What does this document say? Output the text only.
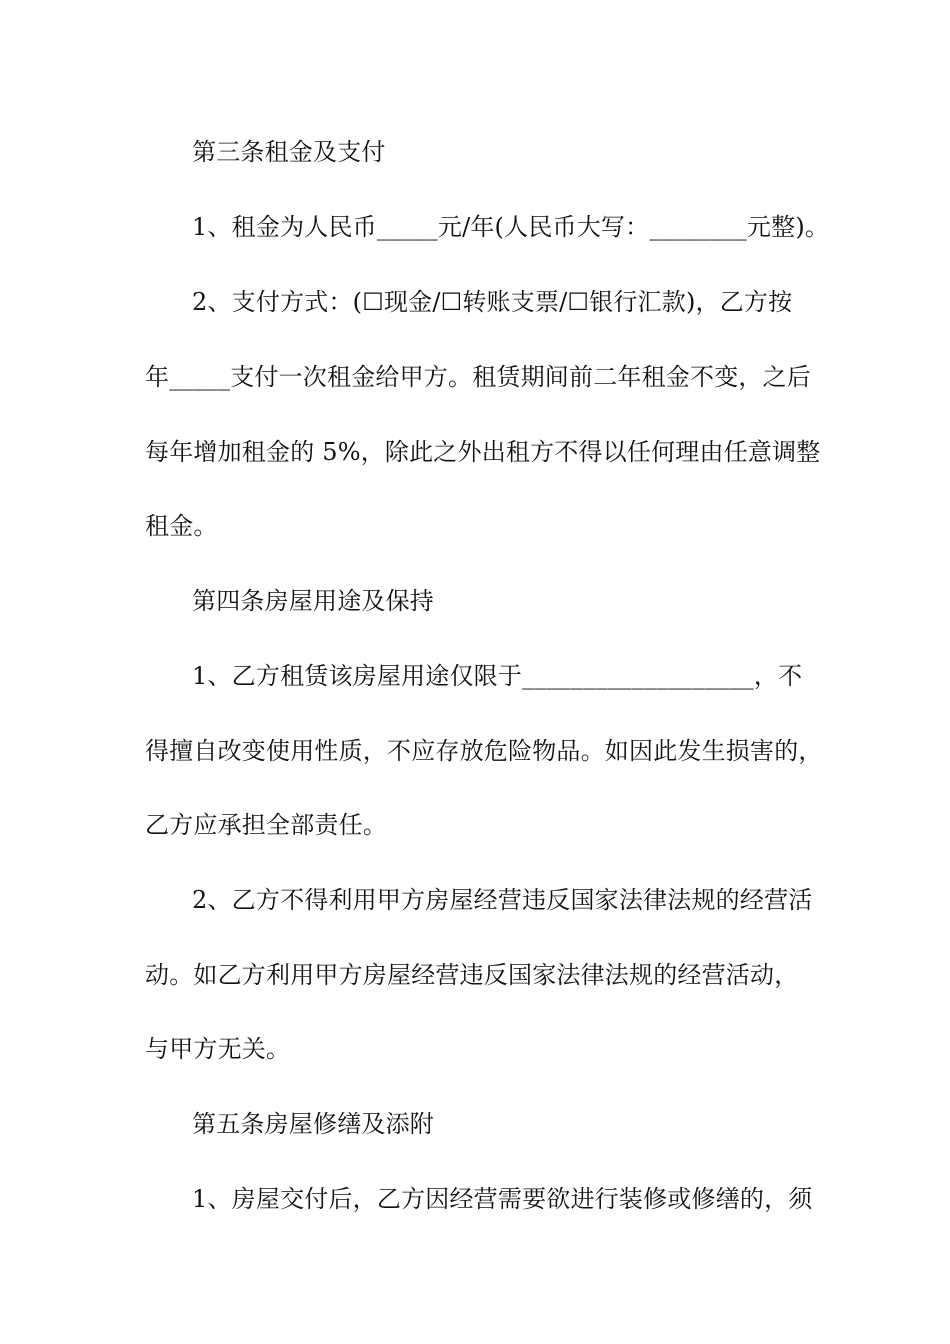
第三条租金及支付
1、租金为人民币_____元/年(人民币大写：________元整)。
2、支付方式：(☐现金/☐转账支票/☐银行汇款)，乙方按
年_____支付一次租金给甲方。租赁期间前二年租金不变，之后
每年增加租金的 5%，除此之外出租方不得以任何理由任意调整
租金。
第四条房屋用途及保持
1、乙方租赁该房屋用途仅限于___________________，不
得擅自改变使用性质，不应存放危险物品。如因此发生损害的，
乙方应承担全部责任。
2、乙方不得利用甲方房屋经营违反国家法律法规的经营活
动。如乙方利用甲方房屋经营违反国家法律法规的经营活动，
与甲方无关。
第五条房屋修缮及添附
1、房屋交付后，乙方因经营需要欲进行装修或修缮的，须
